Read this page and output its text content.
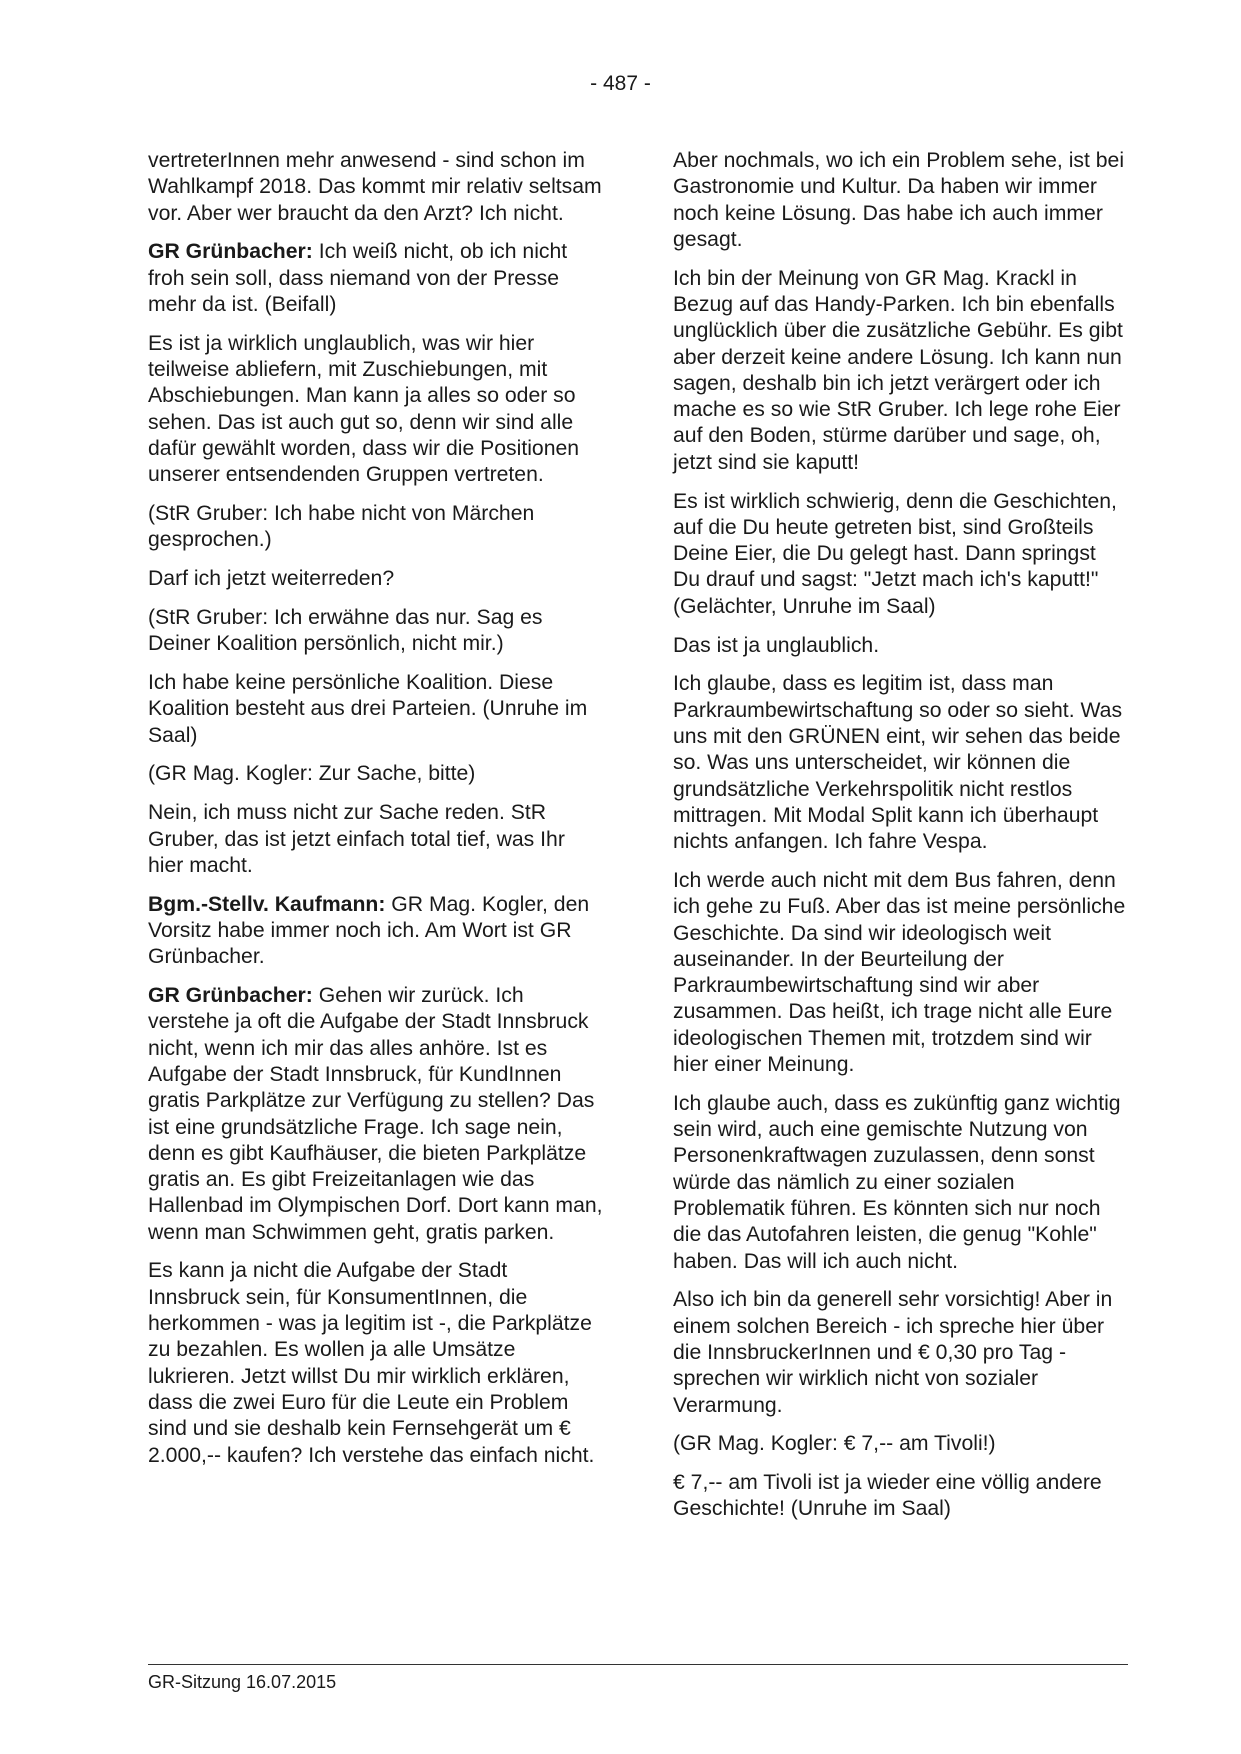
- 487 -

vertreterInnen mehr anwesend - sind schon im Wahlkampf 2018. Das kommt mir relativ seltsam vor. Aber wer braucht da den Arzt? Ich nicht.

GR Grünbacher: Ich weiß nicht, ob ich nicht froh sein soll, dass niemand von der Presse mehr da ist. (Beifall)

Es ist ja wirklich unglaublich, was wir hier teilweise abliefern, mit Zuschiebungen, mit Abschiebungen. Man kann ja alles so oder so sehen. Das ist auch gut so, denn wir sind alle dafür gewählt worden, dass wir die Positionen unserer entsendenden Gruppen vertreten.

(StR Gruber: Ich habe nicht von Märchen gesprochen.)

Darf ich jetzt weiterreden?

(StR Gruber: Ich erwähne das nur. Sag es Deiner Koalition persönlich, nicht mir.)

Ich habe keine persönliche Koalition. Diese Koalition besteht aus drei Parteien. (Unruhe im Saal)

(GR Mag. Kogler: Zur Sache, bitte)

Nein, ich muss nicht zur Sache reden. StR Gruber, das ist jetzt einfach total tief, was Ihr hier macht.

Bgm.-Stellv. Kaufmann: GR Mag. Kogler, den Vorsitz habe immer noch ich. Am Wort ist GR Grünbacher.

GR Grünbacher: Gehen wir zurück. Ich verstehe ja oft die Aufgabe der Stadt Innsbruck nicht, wenn ich mir das alles anhöre. Ist es Aufgabe der Stadt Innsbruck, für KundInnen gratis Parkplätze zur Verfügung zu stellen? Das ist eine grundsätzliche Frage. Ich sage nein, denn es gibt Kaufhäuser, die bieten Parkplätze gratis an. Es gibt Freizeitanlagen wie das Hallenbad im Olympischen Dorf. Dort kann man, wenn man Schwimmen geht, gratis parken.

Es kann ja nicht die Aufgabe der Stadt Innsbruck sein, für KonsumentInnen, die herkommen - was ja legitim ist -, die Parkplätze zu bezahlen. Es wollen ja alle Umsätze lukrieren. Jetzt willst Du mir wirklich erklären, dass die zwei Euro für die Leute ein Problem sind und sie deshalb kein Fernsehgerät um € 2.000,-- kaufen? Ich verstehe das einfach nicht.

Aber nochmals, wo ich ein Problem sehe, ist bei Gastronomie und Kultur. Da haben wir immer noch keine Lösung. Das habe ich auch immer gesagt.

Ich bin der Meinung von GR Mag. Krackl in Bezug auf das Handy-Parken. Ich bin ebenfalls unglücklich über die zusätzliche Gebühr. Es gibt aber derzeit keine andere Lösung. Ich kann nun sagen, deshalb bin ich jetzt verärgert oder ich mache es so wie StR Gruber. Ich lege rohe Eier auf den Boden, stürme darüber und sage, oh, jetzt sind sie kaputt!

Es ist wirklich schwierig, denn die Geschichten, auf die Du heute getreten bist, sind Großteils Deine Eier, die Du gelegt hast. Dann springst Du drauf und sagst: "Jetzt mach ich's kaputt!" (Gelächter, Unruhe im Saal)

Das ist ja unglaublich.

Ich glaube, dass es legitim ist, dass man Parkraumbewirtschaftung so oder so sieht. Was uns mit den GRÜNEN eint, wir sehen das beide so. Was uns unterscheidet, wir können die grundsätzliche Verkehrspolitik nicht restlos mittragen. Mit Modal Split kann ich überhaupt nichts anfangen. Ich fahre Vespa.

Ich werde auch nicht mit dem Bus fahren, denn ich gehe zu Fuß. Aber das ist meine persönliche Geschichte. Da sind wir ideologisch weit auseinander. In der Beurteilung der Parkraumbewirtschaftung sind wir aber zusammen. Das heißt, ich trage nicht alle Eure ideologischen Themen mit, trotzdem sind wir hier einer Meinung.

Ich glaube auch, dass es zukünftig ganz wichtig sein wird, auch eine gemischte Nutzung von Personenkraftwagen zuzulassen, denn sonst würde das nämlich zu einer sozialen Problematik führen. Es könnten sich nur noch die das Autofahren leisten, die genug "Kohle" haben. Das will ich auch nicht.

Also ich bin da generell sehr vorsichtig! Aber in einem solchen Bereich - ich spreche hier über die InnsbruckerInnen und € 0,30 pro Tag - sprechen wir wirklich nicht von sozialer Verarmung.

(GR Mag. Kogler: € 7,-- am Tivoli!)

€ 7,-- am Tivoli ist ja wieder eine völlig andere Geschichte! (Unruhe im Saal)

GR-Sitzung 16.07.2015
